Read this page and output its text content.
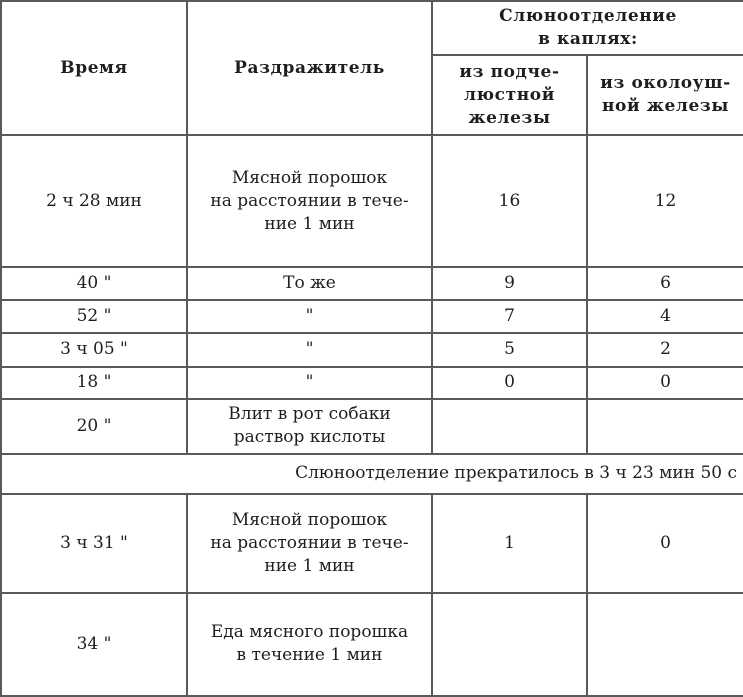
Время	Раздражитель	Слюноотделение
в каплях:	

		из подче-
люстной
железы	из околоуш-
ной железы

2 ч 28 мин	Мясной порошок
на расстоянии в тече-
ние 1 мин	16	12
40 "	То же	9	6
52 "	"	7	4
3 ч 05 "	"	5	2
18 "	"	0	0
20 "	Влит в рот собаки
раствор кислоты		

Слюноотделение прекратилось в 3 ч 23 мин 50 с			
3 ч 31 "	Мясной порошок
на расстоянии в тече-
ние 1 мин	1	0
34 "	Еда мясного порошка
в течение 1 мин		
